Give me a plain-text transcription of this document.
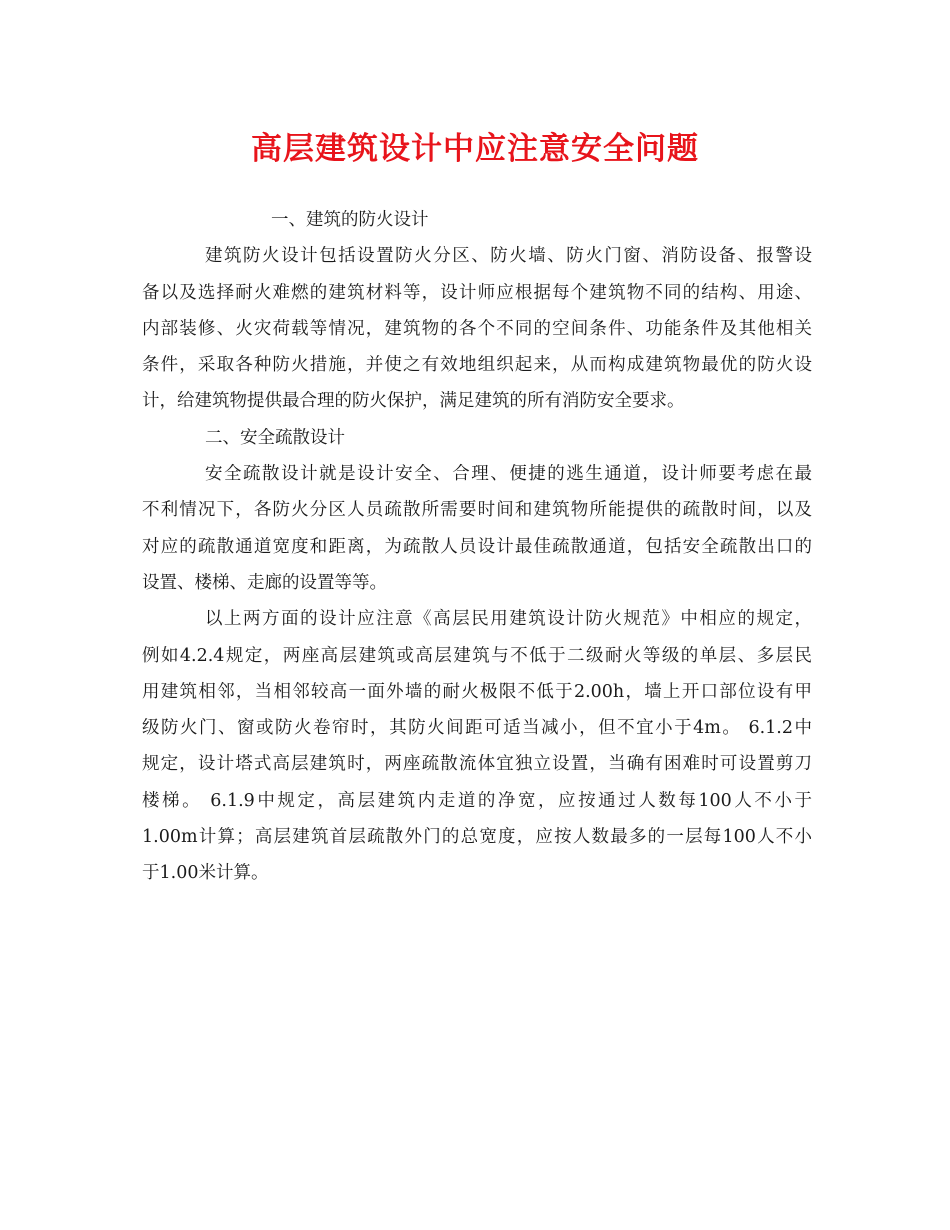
高层建筑设计中应注意安全问题
一、建筑的防火设计
建筑防火设计包括设置防火分区、防火墙、防火门窗、消防设备、报警设
备以及选择耐火难燃的建筑材料等，设计师应根据每个建筑物不同的结构、用途、
内部装修、火灾荷载等情况，建筑物的各个不同的空间条件、功能条件及其他相关
条件，采取各种防火措施，并使之有效地组织起来，从而构成建筑物最优的防火设
计，给建筑物提供最合理的防火保护，满足建筑的所有消防安全要求。
二、安全疏散设计
安全疏散设计就是设计安全、合理、便捷的逃生通道，设计师要考虑在最
不利情况下，各防火分区人员疏散所需要时间和建筑物所能提供的疏散时间，以及
对应的疏散通道宽度和距离，为疏散人员设计最佳疏散通道，包括安全疏散出口的
设置、楼梯、走廊的设置等等。
以上两方面的设计应注意《高层民用建筑设计防火规范》中相应的规定，
例如4.2.4规定，两座高层建筑或高层建筑与不低于二级耐火等级的单层、多层民
用建筑相邻，当相邻较高一面外墙的耐火极限不低于2.00h，墙上开口部位设有甲
级防火门、窗或防火卷帘时，其防火间距可适当减小，但不宜小于4m。 6.1.2中
规定，设计塔式高层建筑时，两座疏散流体宜独立设置，当确有困难时可设置剪刀
楼梯。 6.1.9中规定，高层建筑内走道的净宽，应按通过人数每100人不小于
1.00m计算；高层建筑首层疏散外门的总宽度，应按人数最多的一层每100人不小
于1.00米计算。
